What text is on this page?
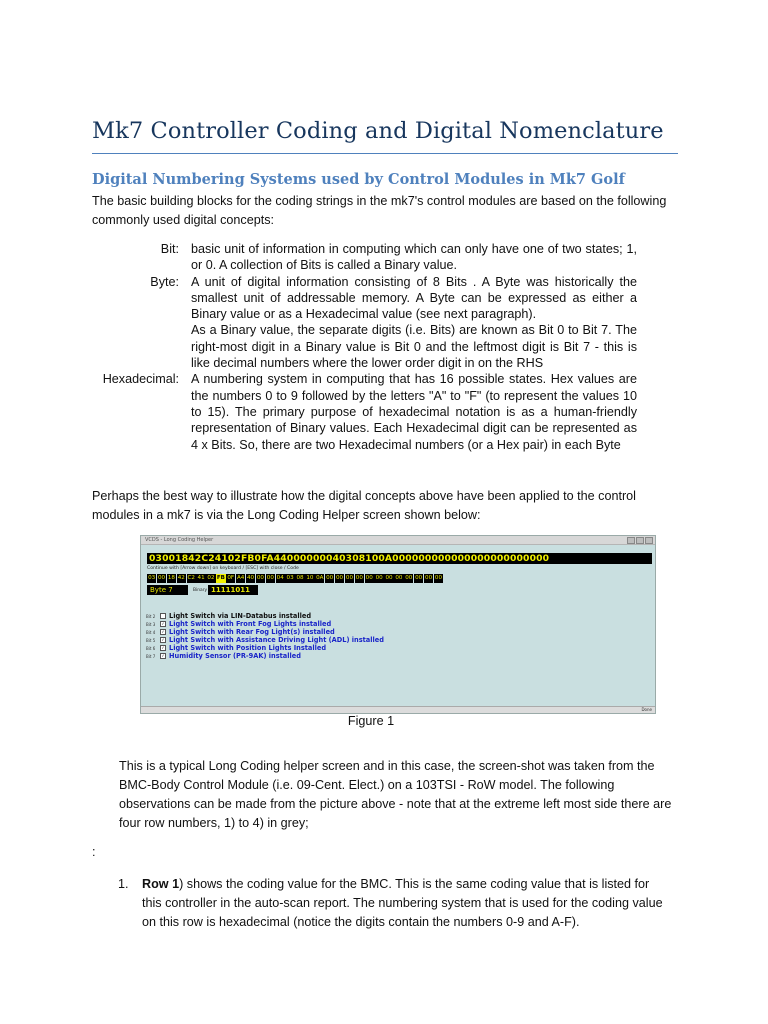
Mk7 Controller Coding and Digital Nomenclature
Digital Numbering Systems used by Control Modules in Mk7 Golf
The basic building blocks for the coding strings in the mk7's control modules are based on the following commonly used digital concepts:
Bit: basic unit of information in computing which can only have one of two states; 1, or 0. A collection of Bits is called a Binary value.
Byte: A unit of digital information consisting of 8 Bits . A Byte was historically the smallest unit of addressable memory. A Byte can be expressed as either a Binary value or as a Hexadecimal value (see next paragraph).
As a Binary value, the separate digits (i.e. Bits) are known as Bit 0 to Bit 7. The right-most digit in a Binary value is Bit 0 and the leftmost digit is Bit 7 - this is like decimal numbers where the lower order digit in on the RHS
Hexadecimal: A numbering system in computing that has 16 possible states. Hex values are the numbers 0 to 9 followed by the letters "A" to "F" (to represent the values 10 to 15). The primary purpose of hexadecimal notation is as a human-friendly representation of Binary values. Each Hexadecimal digit can be represented as 4 x Bits. So, there are two Hexadecimal numbers (or a Hex pair) in each Byte
Perhaps the best way to illustrate how the digital concepts above have been applied to the control modules in a mk7 is via the Long Coding Helper screen shown below:
VCDS - Long Coding Helper
03001842C24102FB0FA44000000040308100A000000000000000000000000
Continue with [Arrow down] on keyboard / [ESC] with close / Code
03 00 18 42 C2 41 02 FB 0F A4 40 00 00 04 03 08 10 0A 00 00 00 00 00 00 00 00 00 00 00 00
Byte 7	Binary 11111011
Bit 2	Light Switch via LIN-Databus installed
Bit 3	✓ Light Switch with Front Fog Lights installed
Bit 4	✓ Light Switch with Rear Fog Light(s) installed
Bit 5	✓ Light Switch with Assistance Driving Light (ADL) installed
Bit 6	✓ Light Switch with Position Lights Installed
Bit 7	✓ Humidity Sensor (PR-9AK) installed
Done
Figure 1
This is a typical Long Coding helper screen and in this case, the screen-shot was taken from the BMC-Body Control Module (i.e. 09-Cent. Elect.) on a 103TSI - RoW model. The following observations can be made from the picture above - note that at the extreme left most side there are four row numbers, 1) to 4) in grey;
:
1.	Row 1) shows the coding value for the BMC. This is the same coding value that is listed for this controller in the auto-scan report. The numbering system that is used for the coding value on this row is hexadecimal (notice the digits contain the numbers 0-9 and A-F).
